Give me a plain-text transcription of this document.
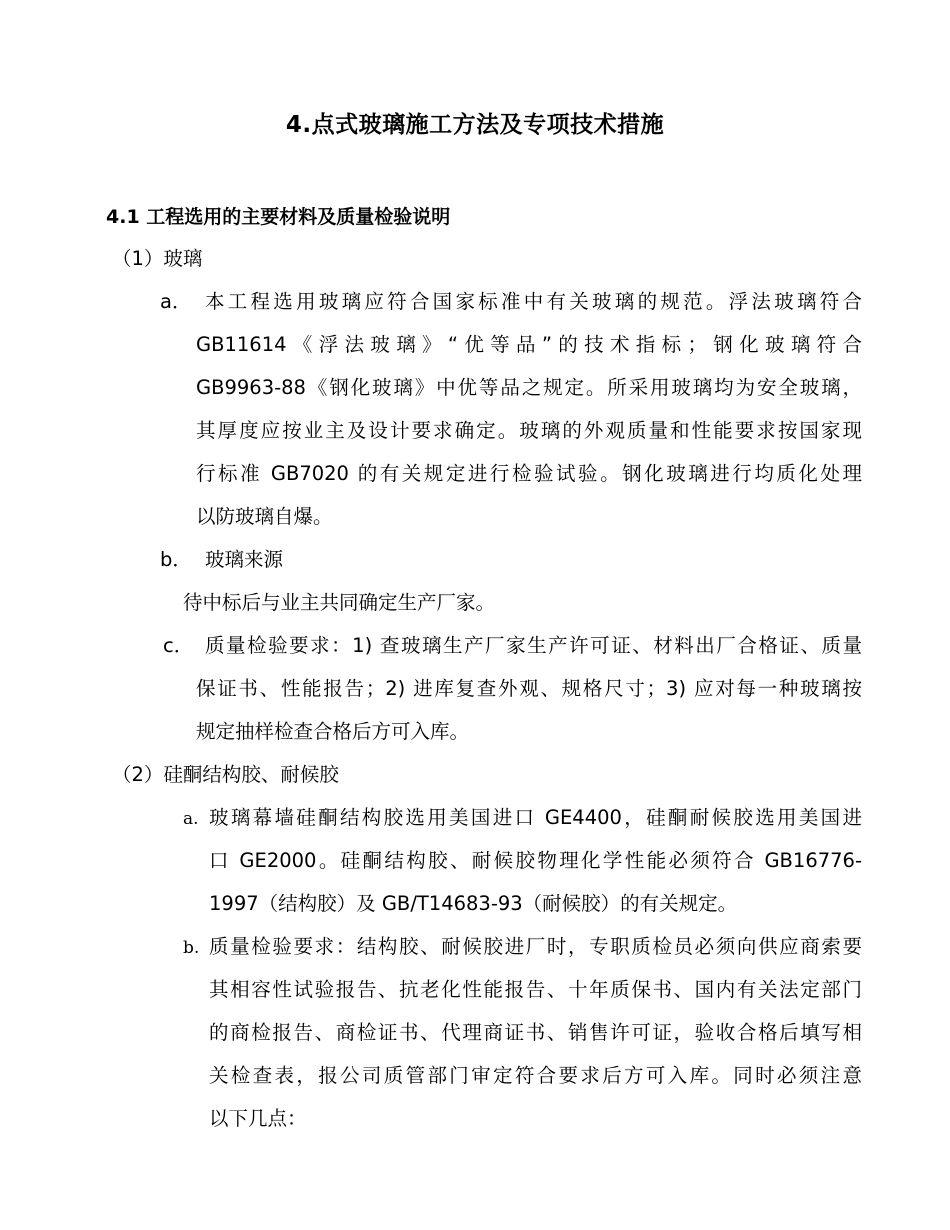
4.点式玻璃施工方法及专项技术措施
4.1 工程选用的主要材料及质量检验说明
（1）玻璃
a． 本工程选用玻璃应符合国家标准中有关玻璃的规范。浮法玻璃符合
GB11614《浮法玻璃》“优等品”的技术指标；钢化玻璃符合
GB9963-88《钢化玻璃》中优等品之规定。所采用玻璃均为安全玻璃，
其厚度应按业主及设计要求确定。玻璃的外观质量和性能要求按国家现
行标准 GB7020 的有关规定进行检验试验。钢化玻璃进行均质化处理
以防玻璃自爆。
b． 玻璃来源
待中标后与业主共同确定生产厂家。
c． 质量检验要求：1) 查玻璃生产厂家生产许可证、材料出厂合格证、质量
保证书、性能报告；2) 进库复查外观、规格尺寸；3) 应对每一种玻璃按
规定抽样检查合格后方可入库。
（2）硅酮结构胶、耐候胶
a. 玻璃幕墙硅酮结构胶选用美国进口 GE4400，硅酮耐候胶选用美国进
口 GE2000。硅酮结构胶、耐候胶物理化学性能必须符合 GB16776-
1997（结构胶）及 GB/T14683-93（耐候胶）的有关规定。
b. 质量检验要求：结构胶、耐候胶进厂时，专职质检员必须向供应商索要
其相容性试验报告、抗老化性能报告、十年质保书、国内有关法定部门
的商检报告、商检证书、代理商证书、销售许可证，验收合格后填写相
关检查表，报公司质管部门审定符合要求后方可入库。同时必须注意
以下几点：
